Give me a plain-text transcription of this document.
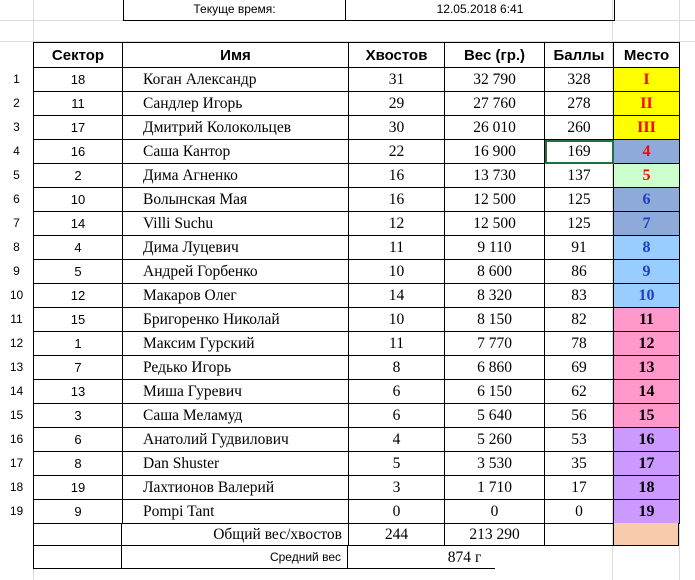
Текуще время:	12.05.2018 6:41
1
2
3
4
5
6
7
8
9
10
11
12
13
14
15
16
17
18
19
Сектор	Имя	Хвостов	Вес (гр.)	Баллы	Место
18	Коган Александр	31	32 790	328	I
11	Сандлер Игорь	29	27 760	278	II
17	Дмитрий Колокольцев	30	26 010	260	III
16	Саша Кантор	22	16 900	169	4
2	Дима Агненко	16	13 730	137	5
10	Волынская Мая	16	12 500	125	6
14	Villi Suchu	12	12 500	125	7
4	Дима Луцевич	11	9 110	91	8
5	Андрей Горбенко	10	8 600	86	9
12	Макаров Олег	14	8 320	83	10
15	Бригоренко Николай	10	8 150	82	11
1	Максим Гурский	11	7 770	78	12
7	Редько Игорь	8	6 860	69	13
13	Миша Гуревич	6	6 150	62	14
3	Саша Меламуд	6	5 640	56	15
6	Анатолий Гудвилович	4	5 260	53	16
8	Dan Shuster	5	3 530	35	17
19	Лахтионов Валерий	3	1 710	17	18
9	Pompi Tant	0	0	0	19
Общий вес/хвостов	244	213 290
Средний вес	874 г
